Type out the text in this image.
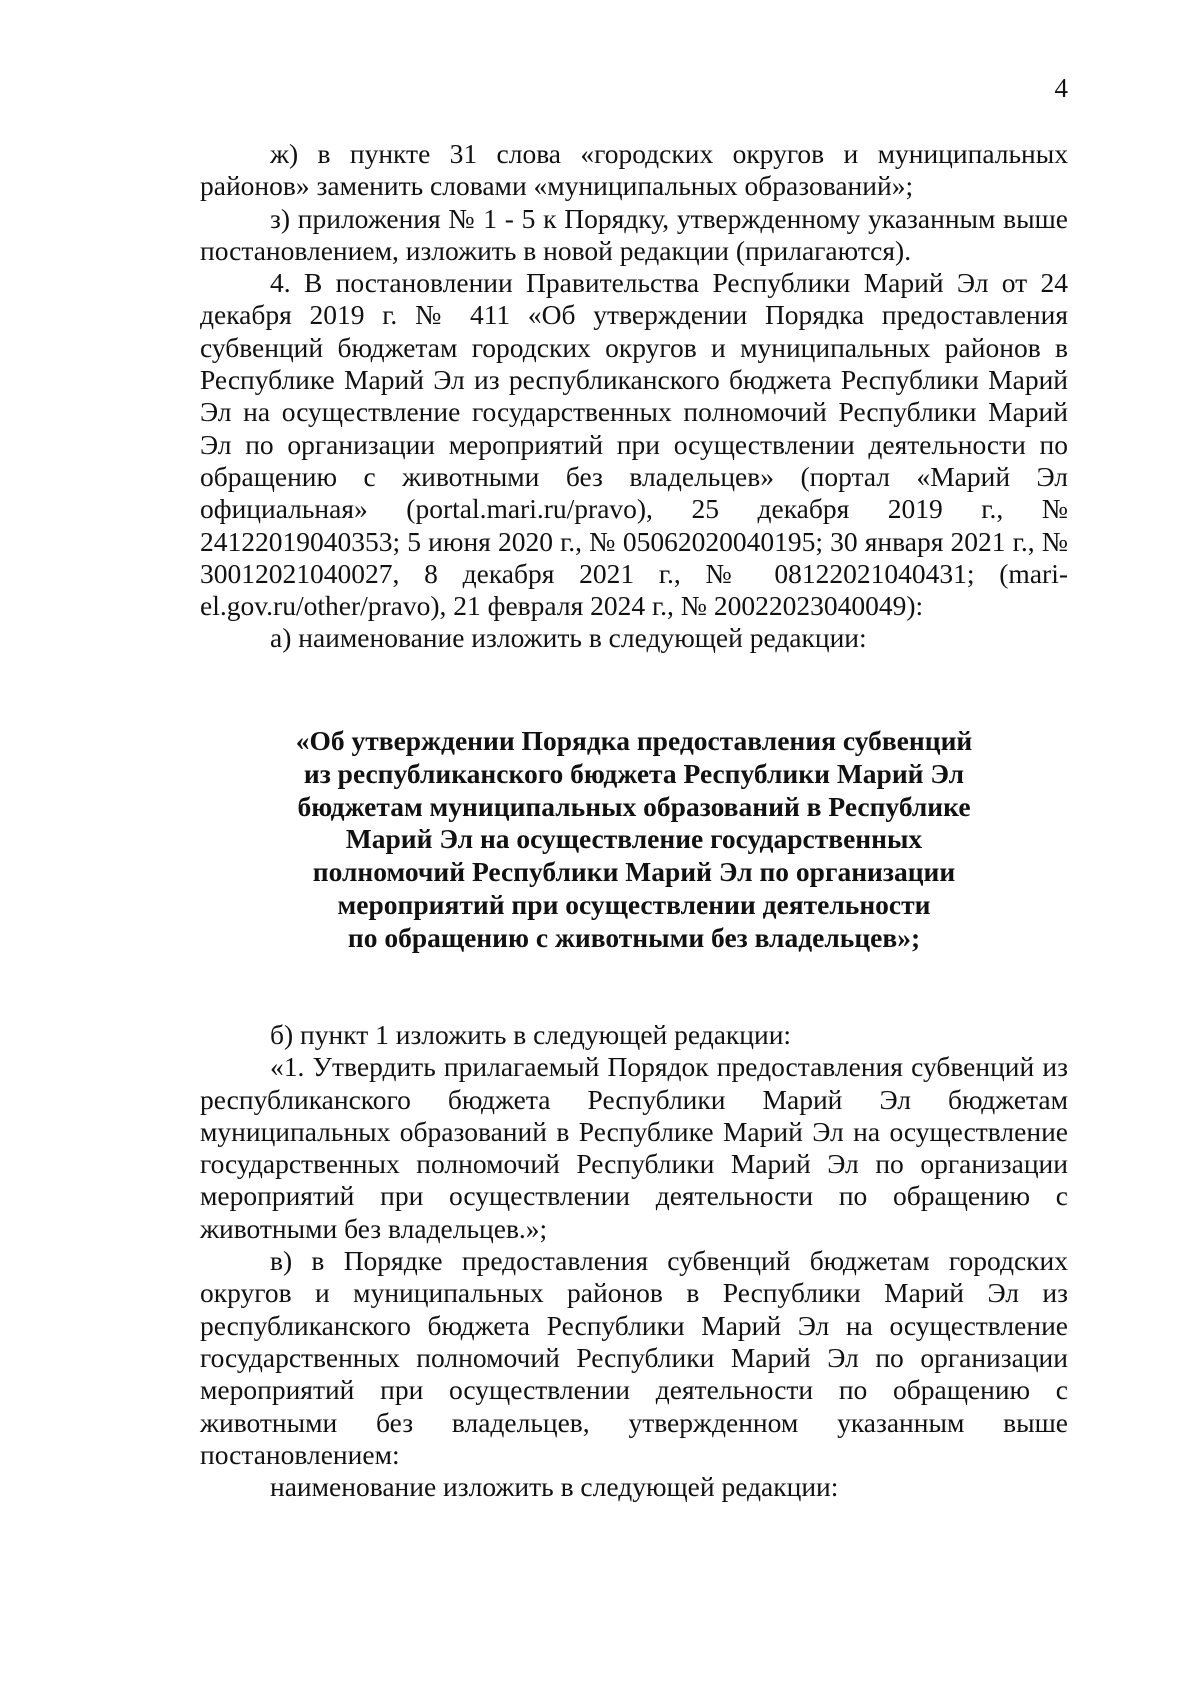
4

ж) в пункте 31 слова «городских округов и муниципальных районов» заменить словами «муниципальных образований»;

з) приложения № 1 - 5 к Порядку, утвержденному указанным выше постановлением, изложить в новой редакции (прилагаются).

4. В постановлении Правительства Республики Марий Эл от 24 декабря 2019 г. № 411 «Об утверждении Порядка предоставления субвенций бюджетам городских округов и муниципальных районов в Республике Марий Эл из республиканского бюджета Республики Марий Эл на осуществление государственных полномочий Республики Марий Эл по организации мероприятий при осуществлении деятельности по обращению с животными без владельцев» (портал «Марий Эл официальная» (portal.mari.ru/pravo), 25 декабря 2019 г., № 24122019040353; 5 июня 2020 г., № 05062020040195; 30 января 2021 г., № 30012021040027, 8 декабря 2021 г., № 08122021040431; (mari-el.gov.ru/other/pravo), 21 февраля 2024 г., № 20022023040049):

а) наименование изложить в следующей редакции:

«Об утверждении Порядка предоставления субвенций
из республиканского бюджета Республики Марий Эл
бюджетам муниципальных образований в Республике
Марий Эл на осуществление государственных
полномочий Республики Марий Эл по организации
мероприятий при осуществлении деятельности
по обращению с животными без владельцев»;

б) пункт 1 изложить в следующей редакции:

«1. Утвердить прилагаемый Порядок предоставления субвенций из республиканского бюджета Республики Марий Эл бюджетам муниципальных образований в Республике Марий Эл на осуществление государственных полномочий Республики Марий Эл по организации мероприятий при осуществлении деятельности по обращению с животными без владельцев.»;

в) в Порядке предоставления субвенций бюджетам городских округов и муниципальных районов в Республики Марий Эл из республиканского бюджета Республики Марий Эл на осуществление государственных полномочий Республики Марий Эл по организации мероприятий при осуществлении деятельности по обращению с животными без владельцев, утвержденном указанным выше постановлением:

наименование изложить в следующей редакции:
